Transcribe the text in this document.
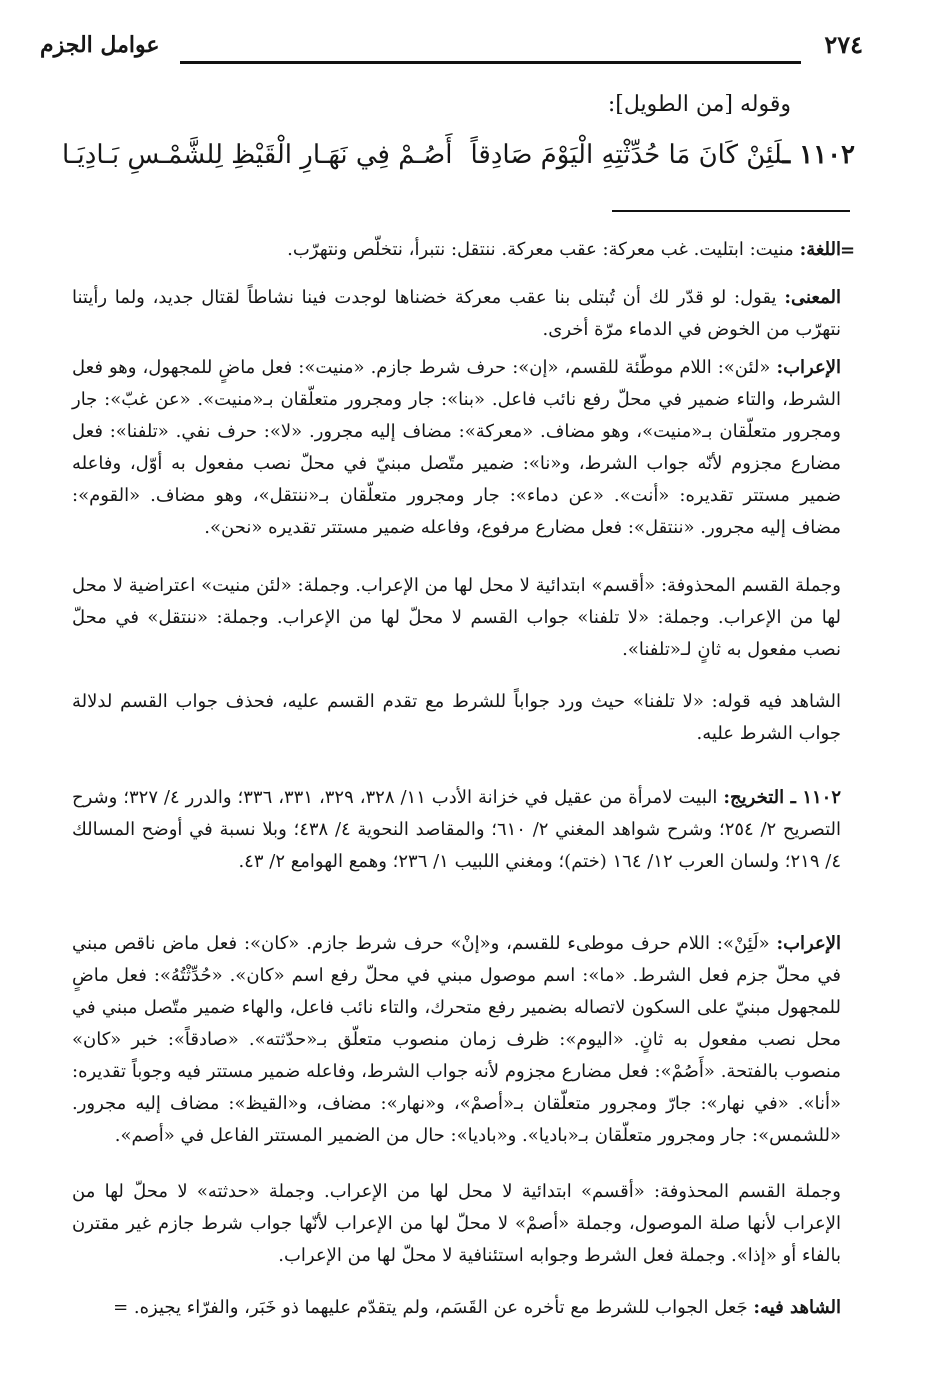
٢٧٤
عوامل الجزم
وقوله [من الطويل]:
١١٠٢ ـلَئِنْ كَانَ مَا حُدِّثْتِهِ الْيَوْمَ صَادِقاً
أَصُـمْ فِي نَهَـارِ الْقَيْظِ لِلشَّمْـسِ بَـادِيَـا
=

اللغة: منيت: ابتليت. غب معركة: عقب معركة. ننتقل: نتبرأ، نتخلّص ونتهرّب.

المعنى: يقول: لو قدّر لك أن تُبتلى بنا عقب معركة خضناها لوجدت فينا نشاطاً لقتال جديد، ولما رأيتنا نتهرّب من الخوض في الدماء مرّة أخرى.

الإعراب: «لئن»: اللام موطّئة للقسم، «إن»: حرف شرط جازم. «منيت»: فعل ماضٍ للمجهول، وهو فعل الشرط، والتاء ضمير في محلّ رفع نائب فاعل. «بنا»: جار ومجرور متعلّقان بـ«منيت». «عن غبّ»: جار ومجرور متعلّقان بـ«منيت»، وهو مضاف. «معركة»: مضاف إليه مجرور. «لا»: حرف نفي. «تلفنا»: فعل مضارع مجزوم لأنّه جواب الشرط، و«نا»: ضمير متّصل مبنيّ في محلّ نصب مفعول به أوّل، وفاعله ضمير مستتر تقديره: «أنت». «عن دماء»: جار ومجرور متعلّقان بـ«ننتقل»، وهو مضاف. «القوم»: مضاف إليه مجرور. «ننتقل»: فعل مضارع مرفوع، وفاعله ضمير مستتر تقديره «نحن».

وجملة القسم المحذوفة: «أقسم» ابتدائية لا محل لها من الإعراب. وجملة: «لئن منيت» اعتراضية لا محل لها من الإعراب. وجملة: «لا تلفنا» جواب القسم لا محلّ لها من الإعراب. وجملة: «ننتقل» في محلّ نصب مفعول به ثانٍ لـ«تلفنا».

الشاهد فيه قوله: «لا تلفنا» حيث ورد جواباً للشرط مع تقدم القسم عليه، فحذف جواب القسم لدلالة جواب الشرط عليه.

١١٠٢ ـ التخريج: البيت لامرأة من عقيل في خزانة الأدب ١١/ ٣٢٨، ٣٢٩، ٣٣١، ٣٣٦؛ والدرر ٤/ ٣٢٧؛ وشرح التصريح ٢/ ٢٥٤؛ وشرح شواهد المغني ٢/ ٦١٠؛ والمقاصد النحوية ٤/ ٤٣٨؛ وبلا نسبة في أوضح المسالك ٤/ ٢١٩؛ ولسان العرب ١٢/ ١٦٤ (ختم)؛ ومغني اللبيب ١/ ٢٣٦؛ وهمع الهوامع ٢/ ٤٣.

الإعراب: «لَئِنْ»: اللام حرف موطىء للقسم، و«إنْ» حرف شرط جازم. «كان»: فعل ماض ناقص مبني في محلّ جزم فعل الشرط. «ما»: اسم موصول مبني في محلّ رفع اسم «كان». «حُدِّثْتُهُ»: فعل ماضٍ للمجهول مبنيّ على السكون لاتصاله بضمير رفع متحرك، والتاء نائب فاعل، والهاء ضمير متّصل مبني في محل نصب مفعول به ثانٍ. «اليوم»: ظرف زمان منصوب متعلّق بـ«حدّثته». «صادقاً»: خبر «كان» منصوب بالفتحة. «أَصُمْ»: فعل مضارع مجزوم لأنه جواب الشرط، وفاعله ضمير مستتر فيه وجوباً تقديره: «أنا». «في نهار»: جارّ ومجرور متعلّقان بـ«أصمْ»، و«نهار»: مضاف، و«القيظ»: مضاف إليه مجرور. «للشمس»: جار ومجرور متعلّقان بـ«باديا». و«باديا»: حال من الضمير المستتر الفاعل في «أصم».

وجملة القسم المحذوفة: «أقسم» ابتدائية لا محل لها من الإعراب. وجملة «حدثته» لا محلّ لها من الإعراب لأنها صلة الموصول، وجملة «أصمْ» لا محلّ لها من الإعراب لأنّها جواب شرط جازم غير مقترن بالفاء أو «إذا». وجملة فعل الشرط وجوابه استئنافية لا محلّ لها من الإعراب.

الشاهد فيه: جَعل الجواب للشرط مع تأخره عن القَسَم، ولم يتقدّم عليهما ذو خَبَر، والفرّاء يجيزه. =
